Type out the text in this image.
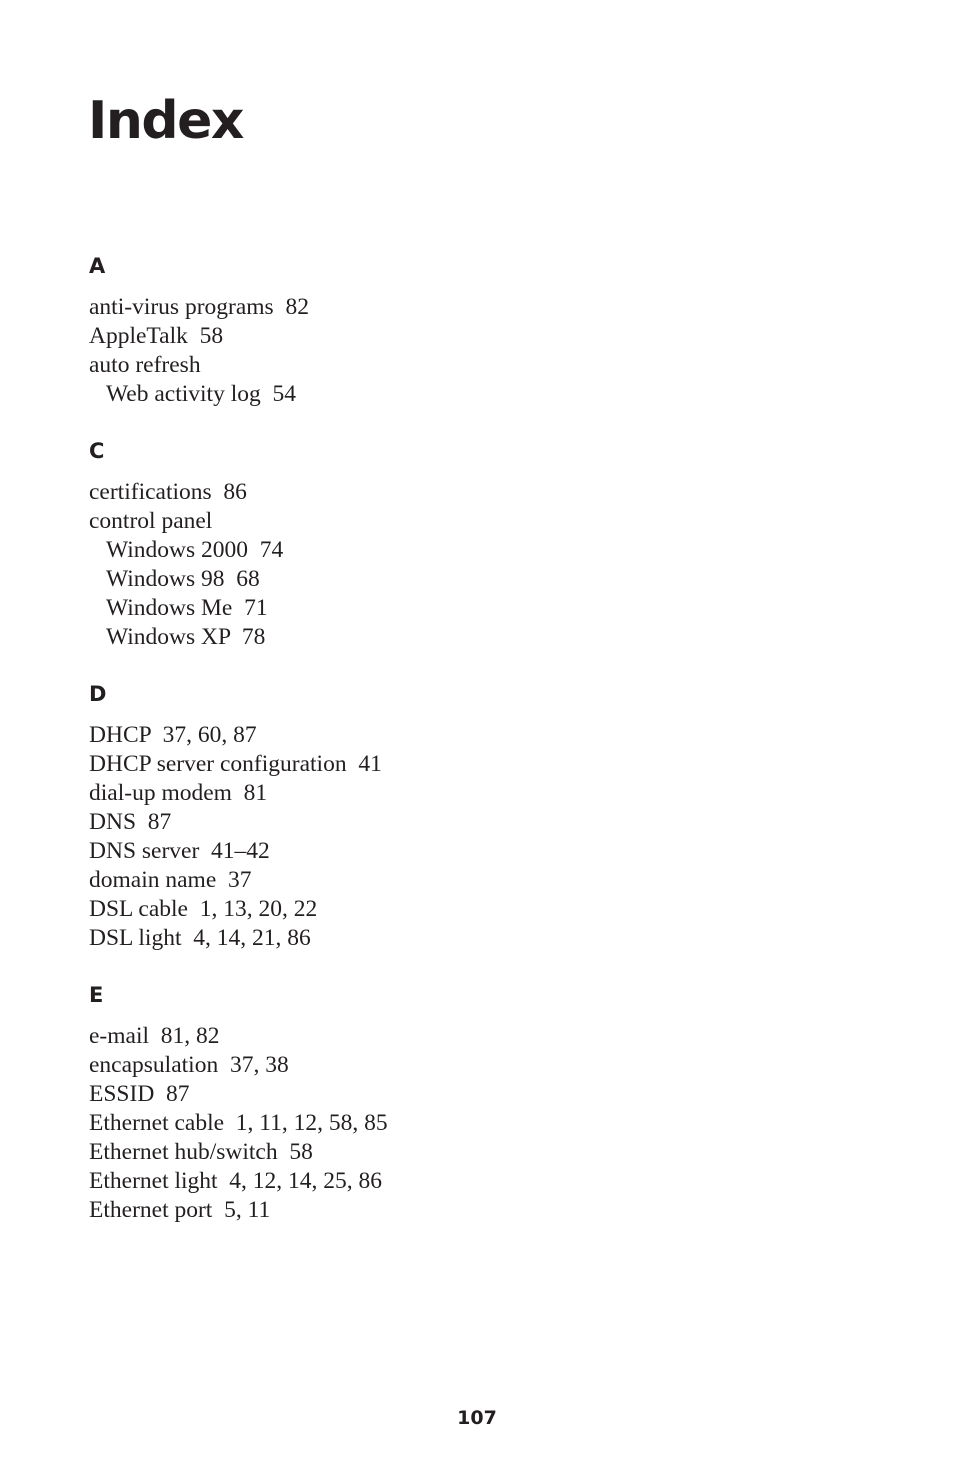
Index
A
anti-virus programs  82
AppleTalk  58
auto refresh
Web activity log  54
C
certifications  86
control panel
Windows 2000  74
Windows 98  68
Windows Me  71
Windows XP  78
D
DHCP  37, 60, 87
DHCP server configuration  41
dial-up modem  81
DNS  87
DNS server  41–42
domain name  37
DSL cable  1, 13, 20, 22
DSL light  4, 14, 21, 86
E
e-mail  81, 82
encapsulation  37, 38
ESSID  87
Ethernet cable  1, 11, 12, 58, 85
Ethernet hub/switch  58
Ethernet light  4, 12, 14, 25, 86
Ethernet port  5, 11
107
